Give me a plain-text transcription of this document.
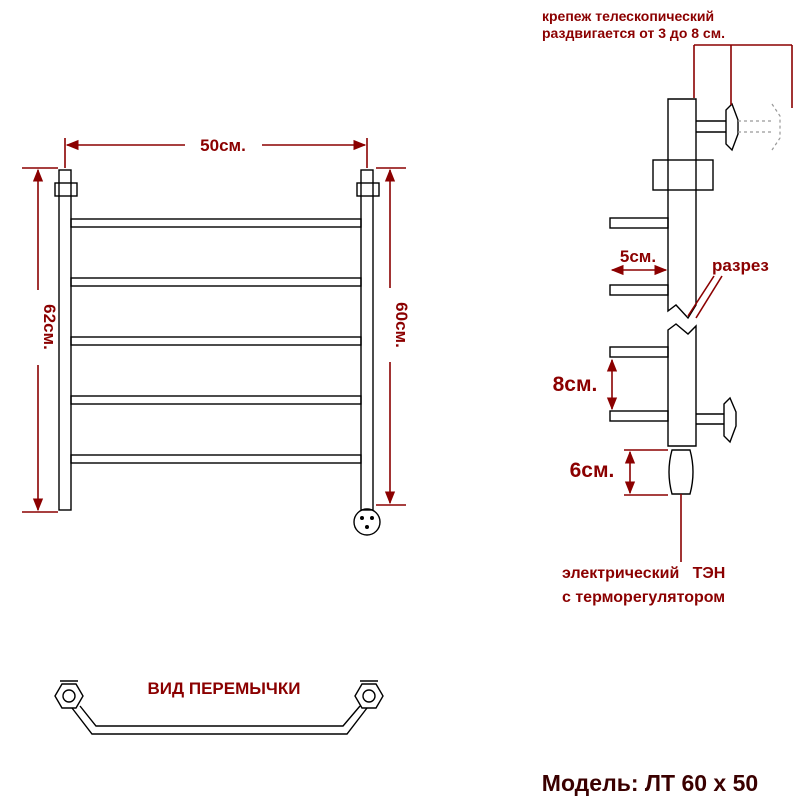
50см.
62см.	60см.
крепеж телескопический
раздвигается от 3 до 8 см.
5см.	разрез
8см.
6см.
электрический   ТЭН
с терморегулятором
ВИД ПЕРЕМЫЧКИ
Модель: ЛТ 60 х 50
